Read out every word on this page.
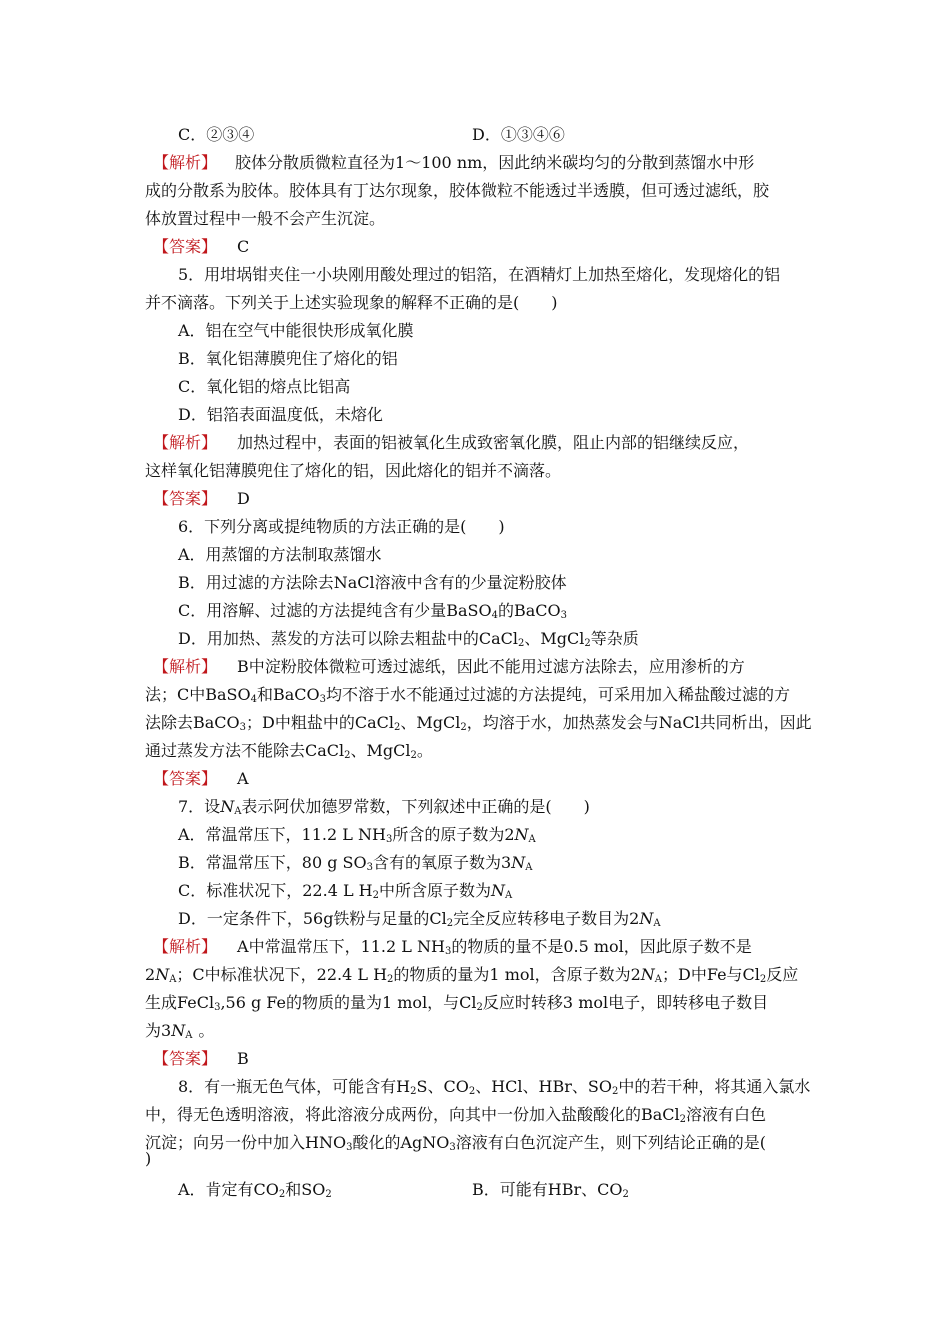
C．②③④	D．①③④⑥
【解析】 胶体分散质微粒直径为1～100 nm，因此纳米碳均匀的分散到蒸馏水中形
成的分散系为胶体。胶体具有丁达尔现象，胶体微粒不能透过半透膜，但可透过滤纸，胶
体放置过程中一般不会产生沉淀。
【答案】 C
5．用坩埚钳夹住一小块刚用酸处理过的铝箔，在酒精灯上加热至熔化，发现熔化的铝
并不滴落。下列关于上述实验现象的解释不正确的是(　　)
A．铝在空气中能很快形成氧化膜
B．氧化铝薄膜兜住了熔化的铝
C．氧化铝的熔点比铝高
D．铝箔表面温度低，未熔化
【解析】 加热过程中，表面的铝被氧化生成致密氧化膜，阻止内部的铝继续反应，
这样氧化铝薄膜兜住了熔化的铝，因此熔化的铝并不滴落。
【答案】 D
6．下列分离或提纯物质的方法正确的是(　　)
A．用蒸馏的方法制取蒸馏水
B．用过滤的方法除去NaCl溶液中含有的少量淀粉胶体
C．用溶解、过滤的方法提纯含有少量BaSO$_4$的BaCO$_3$
D．用加热、蒸发的方法可以除去粗盐中的CaCl$_2$、MgCl$_2$等杂质
【解析】 B中淀粉胶体微粒可透过滤纸，因此不能用过滤方法除去，应用渗析的方
法；C中BaSO$_4$和BaCO$_3$均不溶于水不能通过过滤的方法提纯，可采用加入稀盐酸过滤的方
法除去BaCO$_3$；D中粗盐中的CaCl$_2$、MgCl$_2$，均溶于水，加热蒸发会与NaCl共同析出，因此
通过蒸发方法不能除去CaCl$_2$、MgCl$_2$。
【答案】 A
7．设$N_A$表示阿伏加德罗常数，下列叙述中正确的是(　　)
A．常温常压下，11.2 L $NH_3$所含的原子数为$2N_A$
B．常温常压下，80 g $SO_3$含有的氧原子数为$3N_A$
C．标准状况下，22.4 L $H_2$中所含原子数为$N_A$
D．一定条件下，56g铁粉与足量的$Cl_2$完全反应转移电子数目为$2N_A$
【解析】 A中常温常压下，11.2 L $NH_3$的物质的量不是0.5 mol，因此原子数不是
$2N_A$；C中标准状况下，22.4 L $H_2$的物质的量为1 mol，含原子数为$2N_A$；D中Fe与$Cl_2$反应
生成FeCl$_3$,56 g Fe的物质的量为1 mol，与$Cl_2$反应时转移3 mol电子，即转移电子数目
为$3N_A$ 。
【答案】 B
8．有一瓶无色气体，可能含有$H_2S$、$CO_2$、HCl、HBr、$SO_2$中的若干种，将其通入氯水
中，得无色透明溶液，将此溶液分成两份，向其中一份加入盐酸酸化的BaCl$_2$溶液有白色
沉淀；向另一份中加入$HNO_3$酸化的AgNO$_3$溶液有白色沉淀产生，则下列结论正确的是(
)
A．肯定有$CO_2$和$SO_2$	B．可能有HBr、$CO_2$
